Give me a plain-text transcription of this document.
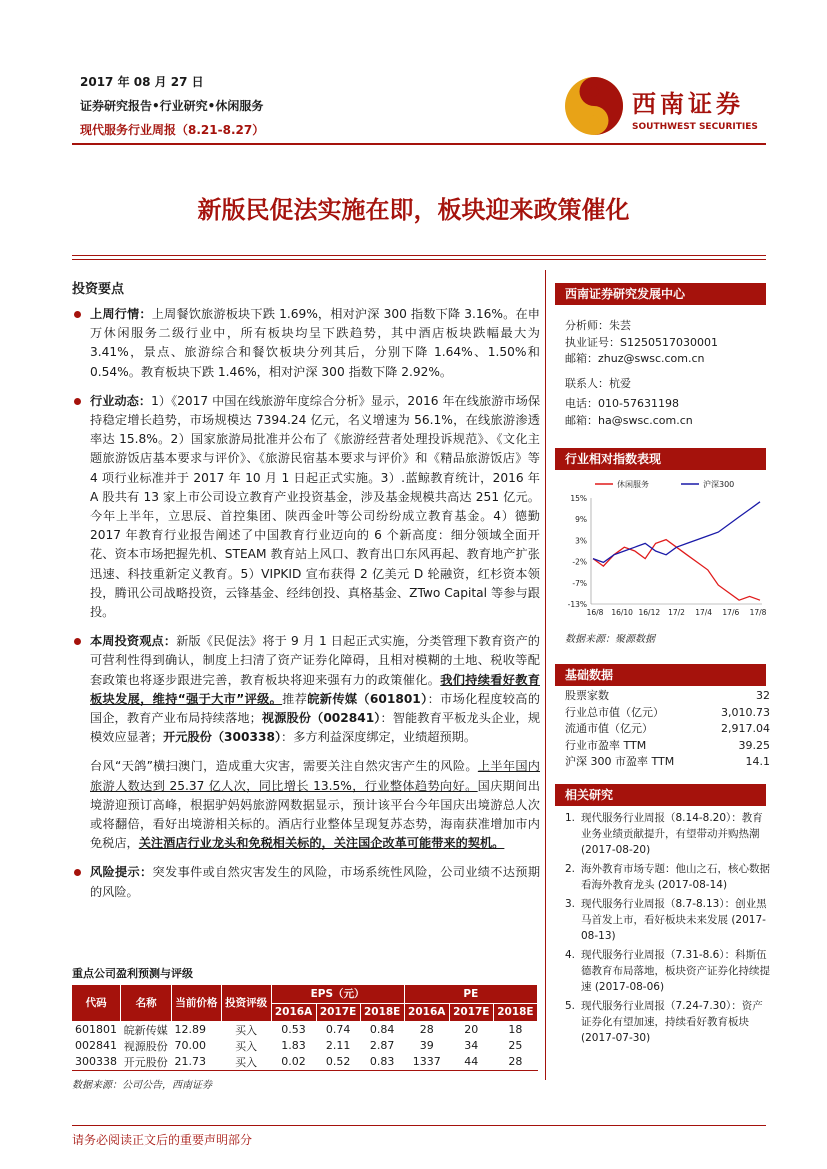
2017 年 08 月 27 日
证券研究报告•行业研究•休闲服务
现代服务行业周报（8.21-8.27）
西南证券
SOUTHWEST SECURITIES
新版民促法实施在即，板块迎来政策催化
投资要点
上周行情：上周餐饮旅游板块下跌 1.69%，相对沪深 300 指数下降 3.16%。在申万休闲服务二级行业中，所有板块均呈下跌趋势，其中酒店板块跌幅最大为 3.41%，景点、旅游综合和餐饮板块分列其后，分别下降 1.64%、1.50%和 0.54%。教育板块下跌 1.46%，相对沪深 300 指数下降 2.92%。
行业动态：1）《2017 中国在线旅游年度综合分析》显示，2016 年在线旅游市场保持稳定增长趋势，市场规模达 7394.24 亿元，名义增速为 56.1%，在线旅游渗透率达 15.8%。2）国家旅游局批准并公布了《旅游经营者处理投诉规范》、《文化主题旅游饭店基本要求与评价》、《旅游民宿基本要求与评价》和《精品旅游饭店》等 4 项行业标准并于 2017 年 10 月 1 日起正式实施。3）.蓝鲸教育统计，2016 年 A 股共有 13 家上市公司设立教育产业投资基金，涉及基金规模共高达 251 亿元。今年上半年，立思辰、首控集团、陕西金叶等公司纷纷成立教育基金。4）德勤 2017 年教育行业报告阐述了中国教育行业迈向的 6 个新高度：细分领域全面开花、资本市场把握先机、STEAM 教育站上风口、教育出口东风再起、教育地产扩张迅速、科技重新定义教育。5）VIPKID 宣布获得 2 亿美元 D 轮融资，红杉资本领投，腾讯公司战略投资，云锋基金、经纬创投、真格基金、ZTwo Capital 等参与跟投。
本周投资观点：新版《民促法》将于 9 月 1 日起正式实施，分类管理下教育资产的可营利性得到确认，制度上扫清了资产证券化障碍，且相对模糊的土地、税收等配套政策也将逐步跟进完善，教育板块将迎来强有力的政策催化。我们持续看好教育板块发展，维持“强于大市”评级。推荐皖新传媒（601801）：市场化程度较高的国企，教育产业布局持续落地；视源股份（002841）：智能教育平板龙头企业，规模效应显著；开元股份（300338）：多方利益深度绑定，业绩超预期。
台风“天鸽”横扫澳门，造成重大灾害，需要关注自然灾害产生的风险。上半年国内旅游人数达到 25.37 亿人次，同比增长 13.5%，行业整体趋势向好。国庆期间出境游迎预订高峰，根据驴妈妈旅游网数据显示，预计该平台今年国庆出境游总人次或将翻倍，看好出境游相关标的。酒店行业整体呈现复苏态势，海南获准增加市内免税店，关注酒店行业龙头和免税相关标的，关注国企改革可能带来的契机。
风险提示：突发事件或自然灾害发生的风险，市场系统性风险，公司业绩不达预期的风险。
西南证券研究发展中心
分析师：朱芸
执业证号：S1250517030001
邮箱：zhuz@swsc.com.cn
联系人：杭爱
电话：010-57631198
邮箱：ha@swsc.com.cn
行业相对指数表现
休闲服务	沪深300
15%
9%
3%
-2%
-7%
-13%
16/8 16/10 16/12 17/2 17/4 17/6 17/8
数据来源：聚源数据
基础数据
股票家数	32
行业总市值（亿元）	3,010.73
流通市值（亿元）	2,917.04
行业市盈率 TTM	39.25
沪深 300 市盈率 TTM	14.1
相关研究
1. 现代服务行业周报（8.14-8.20）：教育业务业绩贡献提升，有望带动并购热潮 (2017-08-20)
2. 海外教育市场专题：他山之石，核心数据看海外教育龙头 (2017-08-14)
3. 现代服务行业周报（8.7-8.13）：创业黑马首发上市，看好板块未来发展 (2017-08-13)
4. 现代服务行业周报（7.31-8.6）：科斯伍德教育布局落地，板块资产证券化持续提速 (2017-08-06)
5. 现代服务行业周报（7.24-7.30）：资产证券化有望加速，持续看好教育板块 (2017-07-30)
重点公司盈利预测与评级
代码	名称	当前价格	投资评级	EPS（元）			PE		
				2016A	2017E	2018E	2016A	2017E	2018E
601801	皖新传媒	12.89	买入	0.53	0.74	0.84	28	20	18
002841	视源股份	70.00	买入	1.83	2.11	2.87	39	34	25
300338	开元股份	21.73	买入	0.02	0.52	0.83	1337	44	28
数据来源：公司公告，西南证券
请务必阅读正文后的重要声明部分
